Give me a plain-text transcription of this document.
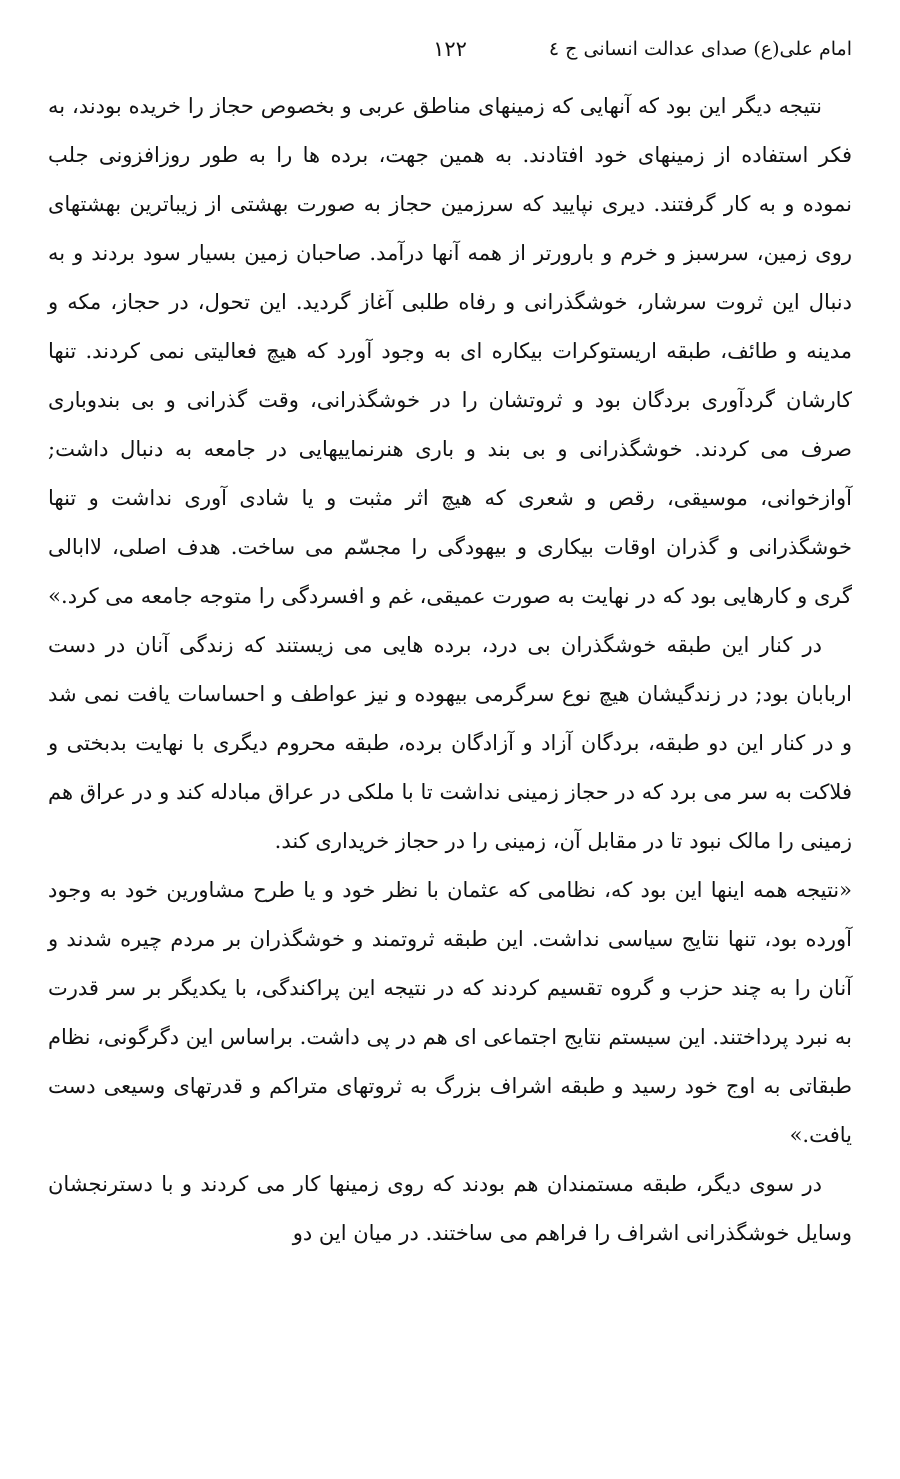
امام علی(ع) صدای عدالت انسانی ج ٤
١٢٢

نتیجه دیگر این بود که آنهایی که زمینهای مناطق عربی و بخصوص حجاز را خریده بودند، به فکر استفاده از زمینهای خود افتادند. به همین جهت، برده ها را به طور روزافزونی جلب نموده و به کار گرفتند. دیری نپایید که سرزمین حجاز به صورت بهشتی از زیباترین بهشتهای روی زمین، سرسبز و خرم و بارورتر از همه آنها درآمد. صاحبان زمین بسیار سود بردند و به دنبال این ثروت سرشار، خوشگذرانی و رفاه طلبی آغاز گردید. این تحول، در حجاز، مکه و مدینه و طائف، طبقه اریستوکرات بیکاره ای به وجود آورد که هیچ فعالیتی نمی کردند. تنها کارشان گردآوری بردگان بود و ثروتشان را در خوشگذرانی، وقت گذرانی و بی بندوباری صرف می کردند. خوشگذرانی و بی بند و باری هنرنماییهایی در جامعه به دنبال داشت; آوازخوانی، موسیقی، رقص و شعری که هیچ اثر مثبت و یا شادی آوری نداشت و تنها خوشگذرانی و گذران اوقات بیکاری و بیهودگی را مجسّم می ساخت. هدف اصلی، لاابالی گری و کارهایی بود که در نهایت به صورت عمیقی، غم و افسردگی را متوجه جامعه می کرد.»

در کنار این طبقه خوشگذران بی درد، برده هایی می زیستند که زندگی آنان در دست اربابان بود; در زندگیشان هیچ نوع سرگرمی بیهوده و نیز عواطف و احساسات یافت نمی شد و در کنار این دو طبقه، بردگان آزاد و آزادگان برده، طبقه محروم دیگری با نهایت بدبختی و فلاکت به سر می برد که در حجاز زمینی نداشت تا با ملکی در عراق مبادله کند و در عراق هم زمینی را مالک نبود تا در مقابل آن، زمینی را در حجاز خریداری کند.

«نتیجه همه اینها این بود که، نظامی که عثمان با نظر خود و یا طرح مشاورین خود به وجود آورده بود، تنها نتایج سیاسی نداشت. این طبقه ثروتمند و خوشگذران بر مردم چیره شدند و آنان را به چند حزب و گروه تقسیم کردند که در نتیجه این پراکندگی، با یکدیگر بر سر قدرت به نبرد پرداختند. این سیستم نتایج اجتماعی ای هم در پی داشت. براساس این دگرگونی، نظام طبقاتی به اوج خود رسید و طبقه اشراف بزرگ به ثروتهای متراکم و قدرتهای وسیعی دست یافت.»

در سوی دیگر، طبقه مستمندان هم بودند که روی زمینها کار می کردند و با دسترنجشان وسایل خوشگذرانی اشراف را فراهم می ساختند. در میان این دو
